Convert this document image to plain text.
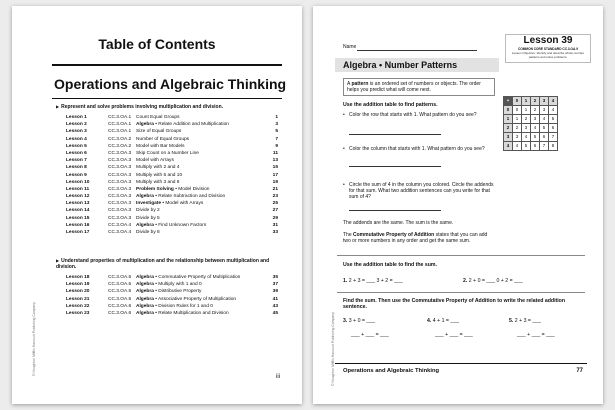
© Houghton Mifflin Harcourt Publishing Company
Table of Contents
Operations and Algebraic Thinking
▶ Represent and solve problems involving multiplication and division.
Lesson 1	CC.3.OA.1 Count Equal Groups	1
Lesson 2	CC.3.OA.1 Algebra • Relate Addition and Multiplication	3
Lesson 3	CC.3.OA.1 Size of Equal Groups	5
Lesson 4	CC.3.OA.2 Number of Equal Groups	7
Lesson 5	CC.3.OA.2 Model with Bar Models	9
Lesson 6	CC.3.OA.3 Skip Count on a Number Line	11
Lesson 7	CC.3.OA.3 Model with Arrays	13
Lesson 8	CC.3.OA.3 Multiply with 2 and 4	15
Lesson 9	CC.3.OA.3 Multiply with 5 and 10	17
Lesson 10	CC.3.OA.3 Multiply with 3 and 6	19
Lesson 11	CC.3.OA.3 Problem Solving • Model Division	21
Lesson 12	CC.3.OA.3 Algebra • Relate Subtraction and Division	23
Lesson 13	CC.3.OA.3 Investigate • Model with Arrays	25
Lesson 14	CC.3.OA.3 Divide by 2	27
Lesson 15	CC.3.OA.3 Divide by 5	29
Lesson 16	CC.3.OA.4 Algebra • Find Unknown Factors	31
Lesson 17	CC.3.OA.4 Divide by 8	33
▶ Understand properties of multiplication and the relationship between multiplication and division.
Lesson 18	CC.3.OA.5 Algebra • Commutative Property of Multiplication	35
Lesson 19	CC.3.OA.5 Algebra • Multiply with 1 and 0	37
Lesson 20	CC.3.OA.5 Algebra • Distributive Property	39
Lesson 21	CC.3.OA.5 Algebra • Associative Property of Multiplication	41
Lesson 22	CC.3.OA.6 Algebra • Division Rules for 1 and 0	43
Lesson 23	CC.3.OA.6 Algebra • Relate Multiplication and Division	45
iii	© Houghton Mifflin Harcourt Publishing Company
Name
Lesson 39
COMMON CORE STANDARD CC.3.OA.9
Lesson Objective: Identify and describe whole-number patterns and solve problems.
Algebra • Number Patterns
A pattern is an ordered set of numbers or objects. The order helps you predict what will come next.
+	0	1	2	3	4
0	0	1	2	3	4
1	1	2	3	4	5
2	2	3	4	5	6
3	3	4	5	6	7
4	4	5	6	7	8
Use the addition table to find patterns.
• Color the row that starts with 1. What pattern do you see?
• Color the column that starts with 1. What pattern do you see?
• Circle the sum of 4 in the column you colored. Circle the addends for that sum. What two addition sentences can you write for that sum of 4?
The addends are the same. The sum is the same.
The Commutative Property of Addition states that you can add two or more numbers in any order and get the same sum.
Use the addition table to find the sum.
1. 2 + 3 = ___ 3 + 2 = ___	2. 2 + 0 = ___ 0 + 2 = ___
Find the sum. Then use the Commutative Property of Addition to write the related addition sentence.
3. 3 + 0 = ___
___ + ___ = ___
4. 4 + 1 = ___
___ + ___ = ___
5. 2 + 3 = ___
___ + ___ = ___
Operations and Algebraic Thinking	77
